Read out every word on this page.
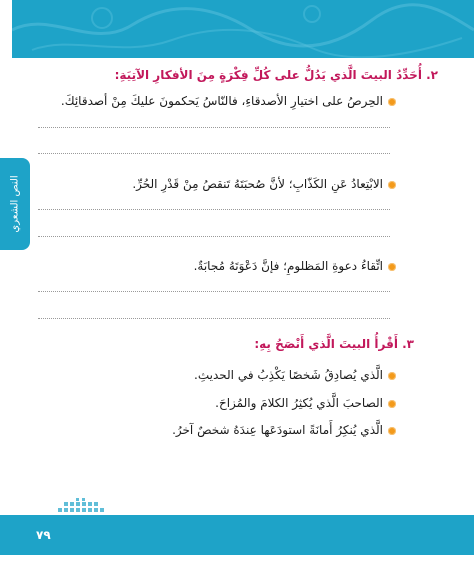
النص الشعري
٢. أُحَدِّدُ البيتَ الَّذي يَدُلُّ على كُلِّ فِكْرَةٍ مِنَ الأفكارِ الآتِيَةِ:
الحِرصُ على اختيارِ الأصدقاءِ، فالنّاسُ يَحكمونَ عليكَ مِنْ أصدقائِكَ.
الابْتِعادُ عَنِ الكَذّابِ؛ لأنَّ صُحبَتَهُ تَنقصُ مِنْ قَدْرِ الحُرِّ.
اتِّقاءُ دعوةِ المَظلومِ؛ فإنَّ دَعْوَتَهُ مُجابَةٌ.
٣. أَقْرأُ البيتَ الَّذي أَنْصَحُ بِهِ:
الَّذي يُصادِقُ شَخصًا يَكْذِبُ في الحديثِ.
الصاحبَ الَّذي يُكثِرُ الكلامَ والمُزاحَ.
الَّذي يُنكِرُ أَمانَةً استودَعَها عِندَهُ شخصٌ آخرُ.
٧٩
